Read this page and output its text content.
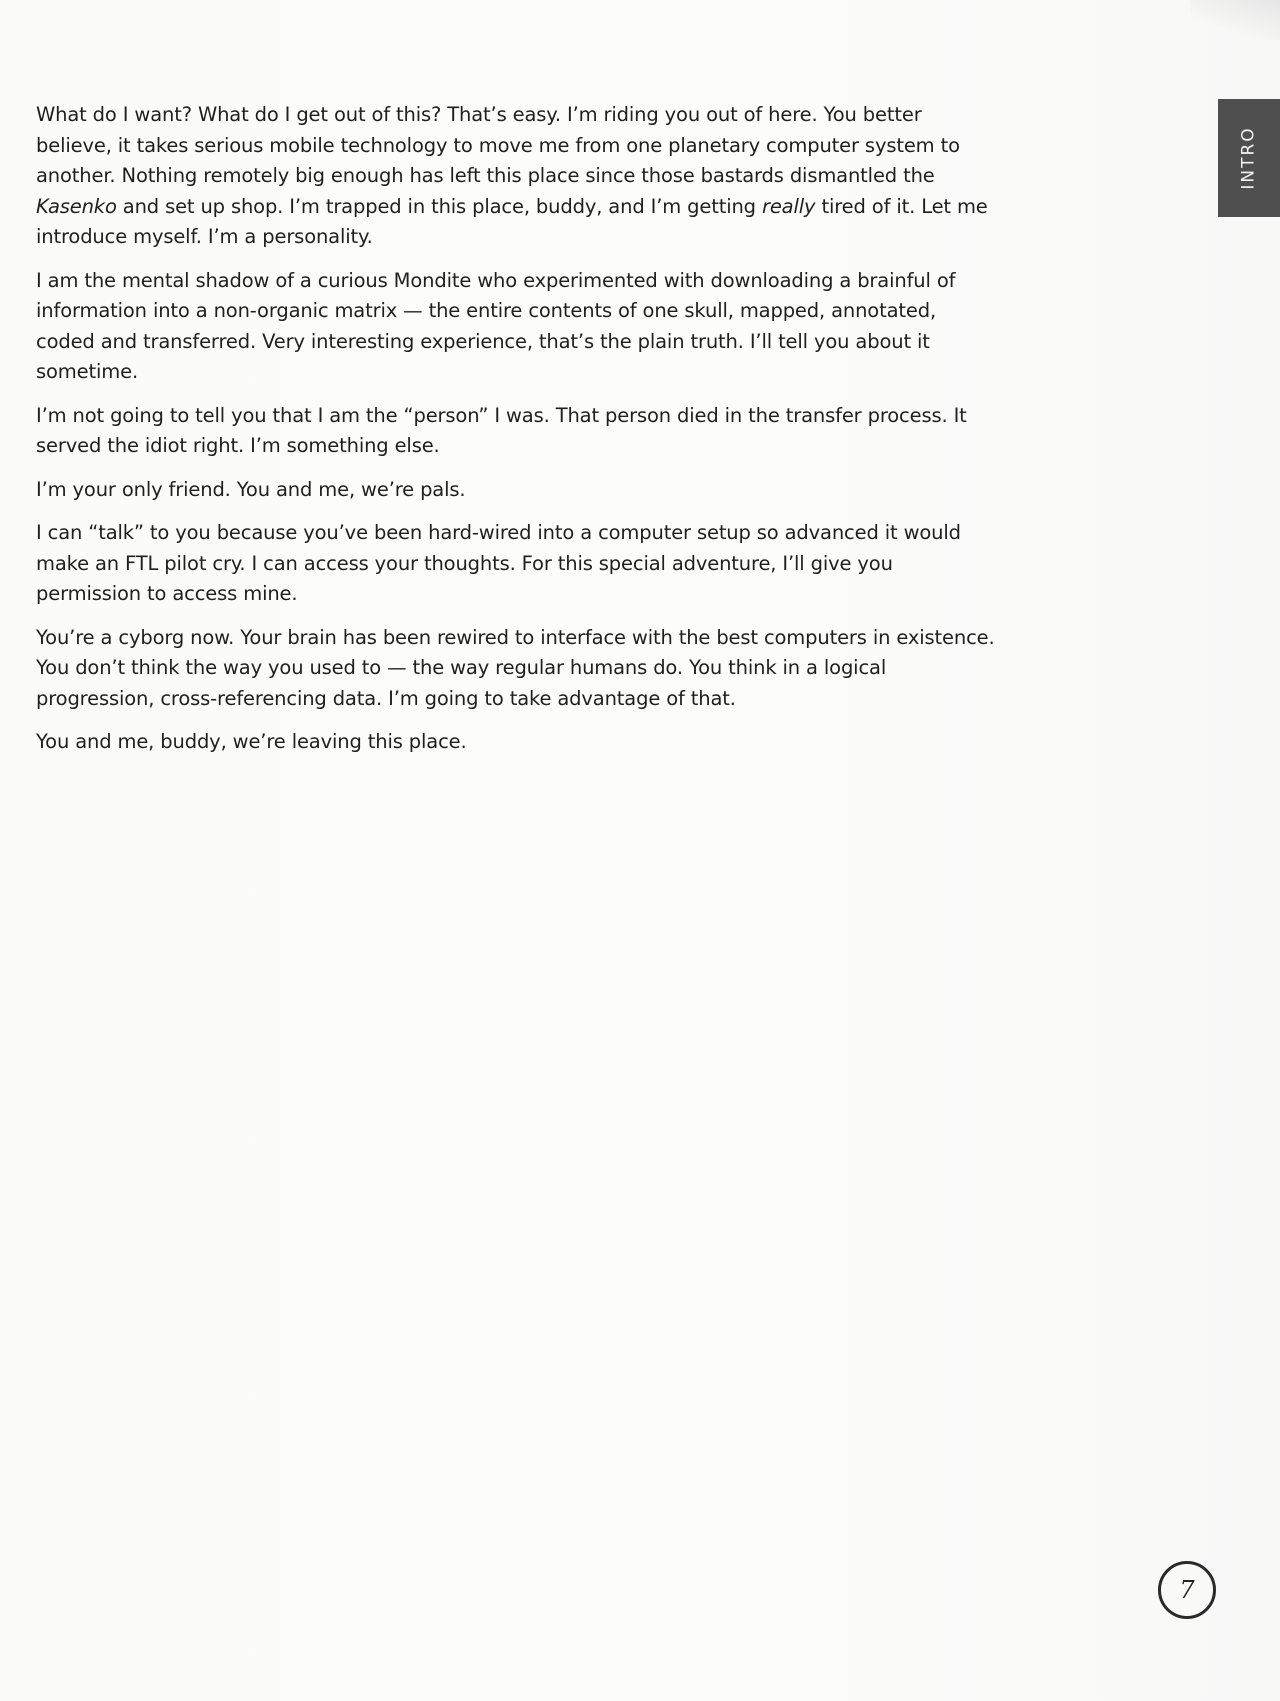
What do I want? What do I get out of this? That’s easy. I’m riding you out of here. You better believe, it takes serious mobile technology to move me from one planetary computer system to another. Nothing remotely big enough has left this place since those bastards dismantled the Kasenko and set up shop. I’m trapped in this place, buddy, and I’m getting really tired of it. Let me introduce myself. I’m a personality.

I am the mental shadow of a curious Mondite who experimented with downloading a brainful of information into a non-organic matrix — the entire contents of one skull, mapped, annotated, coded and transferred. Very interesting experience, that’s the plain truth. I’ll tell you about it sometime.

I’m not going to tell you that I am the “person” I was. That person died in the transfer process. It served the idiot right. I’m something else.

I’m your only friend. You and me, we’re pals.

I can “talk” to you because you’ve been hard-wired into a computer setup so advanced it would make an FTL pilot cry. I can access your thoughts. For this special adventure, I’ll give you permission to access mine.

You’re a cyborg now. Your brain has been rewired to interface with the best computers in existence. You don’t think the way you used to — the way regular humans do. You think in a logical progression, cross-referencing data. I’m going to take advantage of that.

You and me, buddy, we’re leaving this place.

INTRO
7
